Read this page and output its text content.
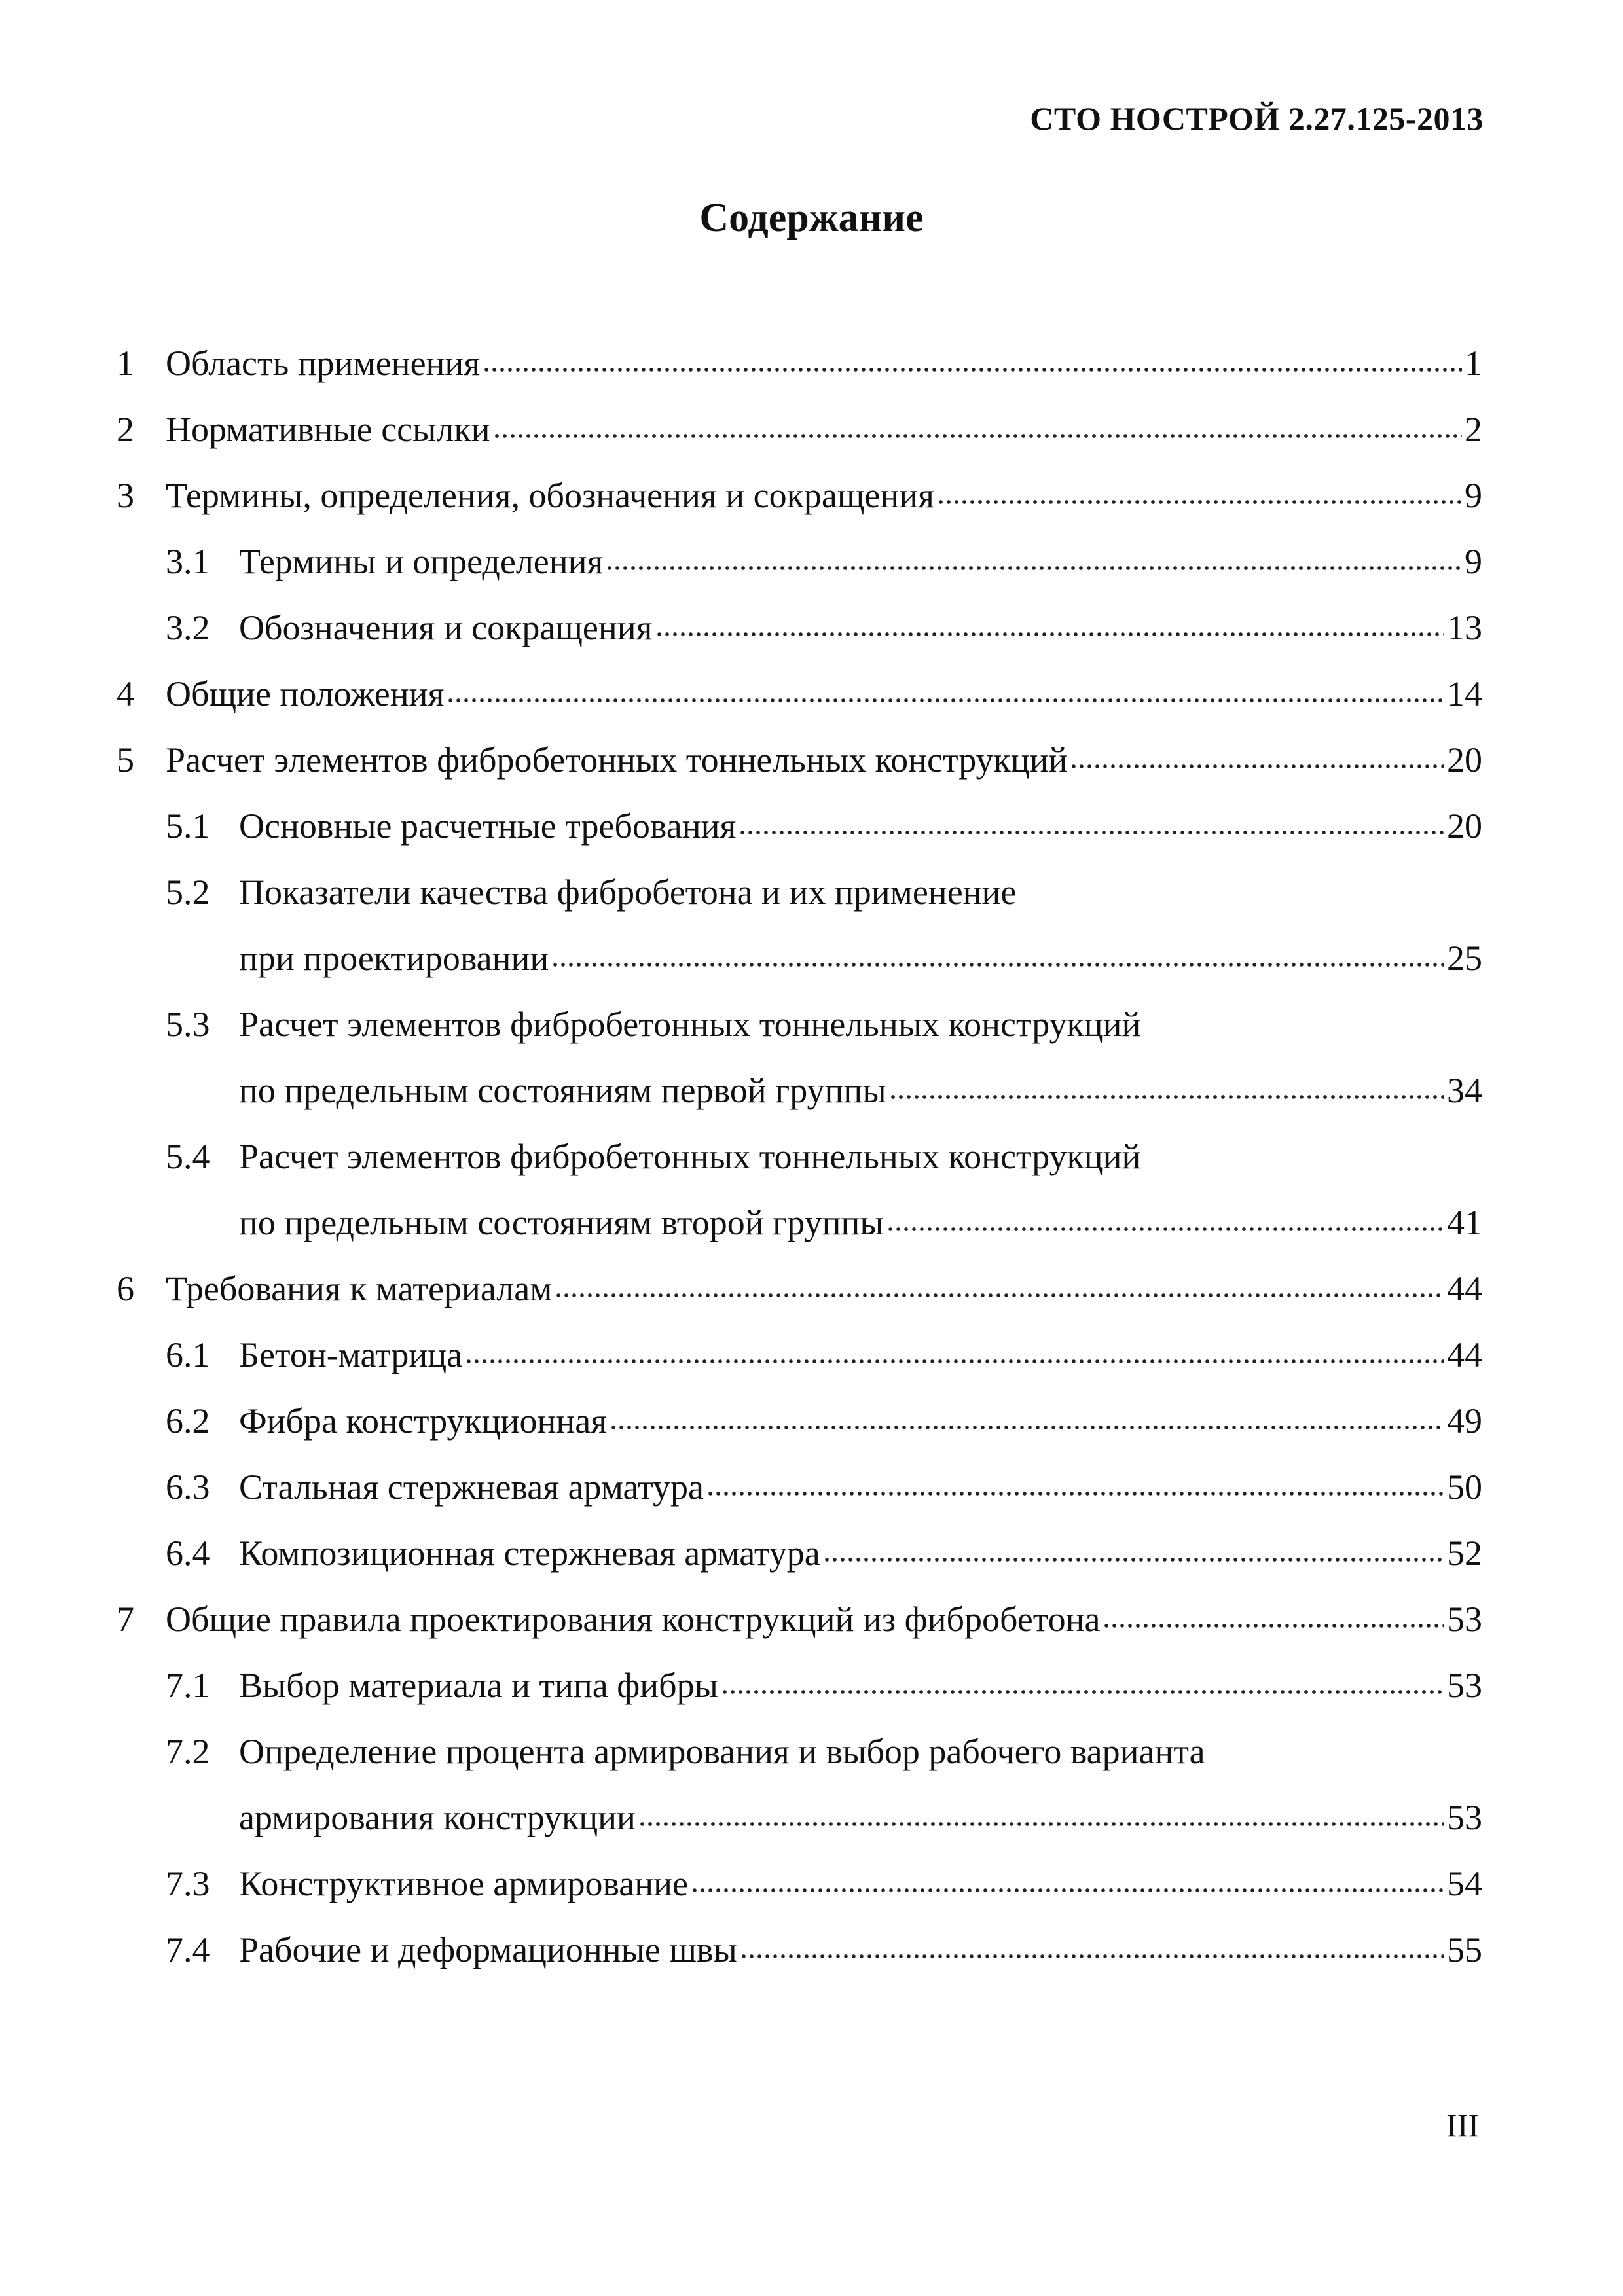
СТО НОСТРОЙ 2.27.125-2013
Содержание
1 Область применения	1
2 Нормативные ссылки	2
3 Термины, определения, обозначения и сокращения	9
3.1 Термины и определения	9
3.2 Обозначения и сокращения	13
4 Общие положения	14
5 Расчет элементов фибробетонных тоннельных конструкций	20
5.1 Основные расчетные требования	20
5.2 Показатели качества фибробетона и их применение
при проектировании	25
5.3 Расчет элементов фибробетонных тоннельных конструкций
по предельным состояниям первой группы	34
5.4 Расчет элементов фибробетонных тоннельных конструкций
по предельным состояниям второй группы	41
6 Требования к материалам	44
6.1 Бетон-матрица	44
6.2 Фибра конструкционная	49
6.3 Стальная стержневая арматура	50
6.4 Композиционная стержневая арматура	52
7 Общие правила проектирования конструкций из фибробетона	53
7.1 Выбор материала и типа фибры	53
7.2 Определение процента армирования и выбор рабочего варианта
армирования конструкции	53
7.3 Конструктивное армирование	54
7.4 Рабочие и деформационные швы	55
III
